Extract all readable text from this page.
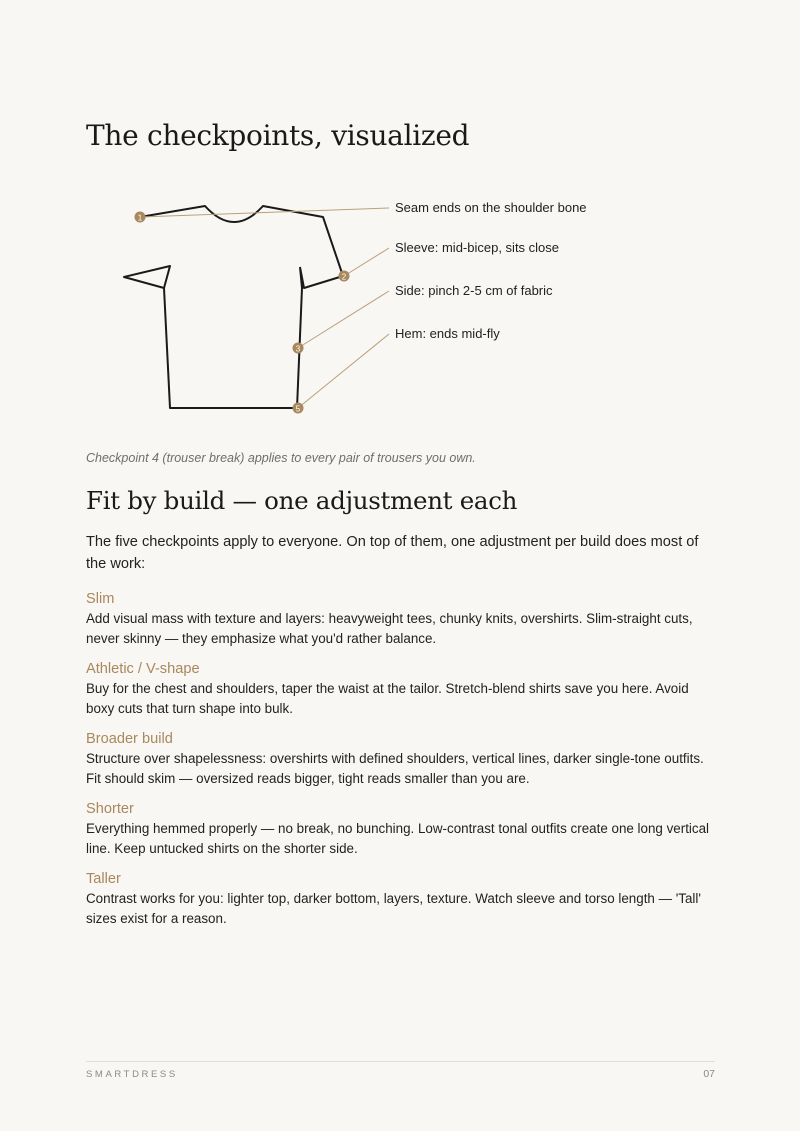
The checkpoints, visualized
1
2
3
5
Seam ends on the shoulder bone
Sleeve: mid-bicep, sits close
Side: pinch 2-5 cm of fabric
Hem: ends mid-fly
Checkpoint 4 (trouser break) applies to every pair of trousers you own.
Fit by build — one adjustment each

The five checkpoints apply to everyone. On top of them, one adjustment per build does most of the work:

Slim
Add visual mass with texture and layers: heavyweight tees, chunky knits, overshirts. Slim-straight cuts, never skinny — they emphasize what you'd rather balance.
Athletic / V-shape
Buy for the chest and shoulders, taper the waist at the tailor. Stretch-blend shirts save you here. Avoid boxy cuts that turn shape into bulk.
Broader build
Structure over shapelessness: overshirts with defined shoulders, vertical lines, darker single-tone outfits. Fit should skim — oversized reads bigger, tight reads smaller than you are.
Shorter
Everything hemmed properly — no break, no bunching. Low-contrast tonal outfits create one long vertical line. Keep untucked shirts on the shorter side.
Taller
Contrast works for you: lighter top, darker bottom, layers, texture. Watch sleeve and torso length — 'Tall' sizes exist for a reason.
SMARTDRESS	07
